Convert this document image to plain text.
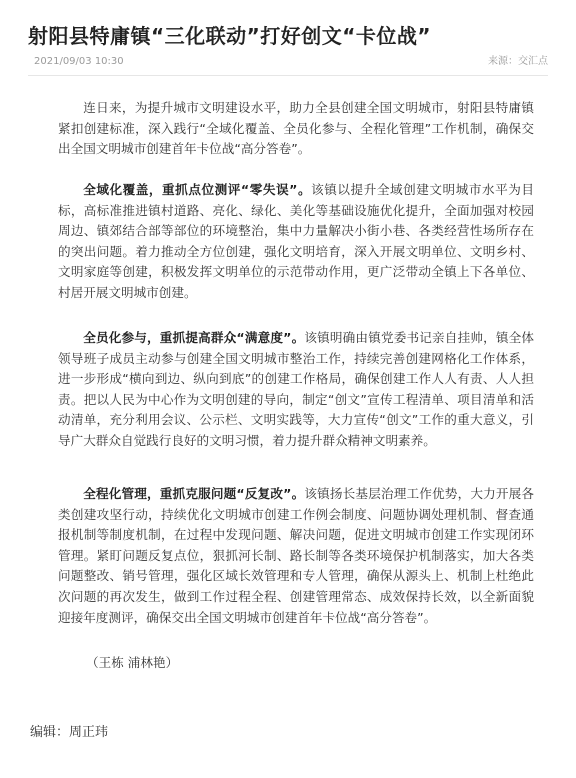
射阳县特庸镇“三化联动”打好创文“卡位战”
2021/09/03 10:30	来源：交汇点

连日来，为提升城市文明建设水平，助力全县创建全国文明城市，射阳县特庸镇紧扣创建标准，深入践行“全域化覆盖、全员化参与、全程化管理”工作机制，确保交出全国文明城市创建首年卡位战“高分答卷”。

全域化覆盖，重抓点位测评“零失误”。该镇以提升全域创建文明城市水平为目标，高标准推进镇村道路、亮化、绿化、美化等基础设施优化提升，全面加强对校园周边、镇郊结合部等部位的环境整治，集中力量解决小街小巷、各类经营性场所存在的突出问题。着力推动全方位创建，强化文明培育，深入开展文明单位、文明乡村、文明家庭等创建，积极发挥文明单位的示范带动作用，更广泛带动全镇上下各单位、村居开展文明城市创建。

全员化参与，重抓提高群众“满意度”。该镇明确由镇党委书记亲自挂帅，镇全体领导班子成员主动参与创建全国文明城市整治工作，持续完善创建网格化工作体系，进一步形成“横向到边、纵向到底”的创建工作格局，确保创建工作人人有责、人人担责。把以人民为中心作为文明创建的导向，制定“创文”宣传工程清单、项目清单和活动清单，充分利用会议、公示栏、文明实践等，大力宣传“创文”工作的重大意义，引导广大群众自觉践行良好的文明习惯，着力提升群众精神文明素养。

全程化管理，重抓克服问题“反复改”。该镇扬长基层治理工作优势，大力开展各类创建攻坚行动，持续优化文明城市创建工作例会制度、问题协调处理机制、督查通报机制等制度机制，在过程中发现问题、解决问题，促进文明城市创建工作实现闭环管理。紧盯问题反复点位，狠抓河长制、路长制等各类环境保护机制落实，加大各类问题整改、销号管理，强化区域长效管理和专人管理，确保从源头上、机制上杜绝此次问题的再次发生，做到工作过程全程、创建管理常态、成效保持长效，以全新面貌迎接年度测评，确保交出全国文明城市创建首年卡位战“高分答卷”。

（王栋 浦林艳）
编辑：周正玮
